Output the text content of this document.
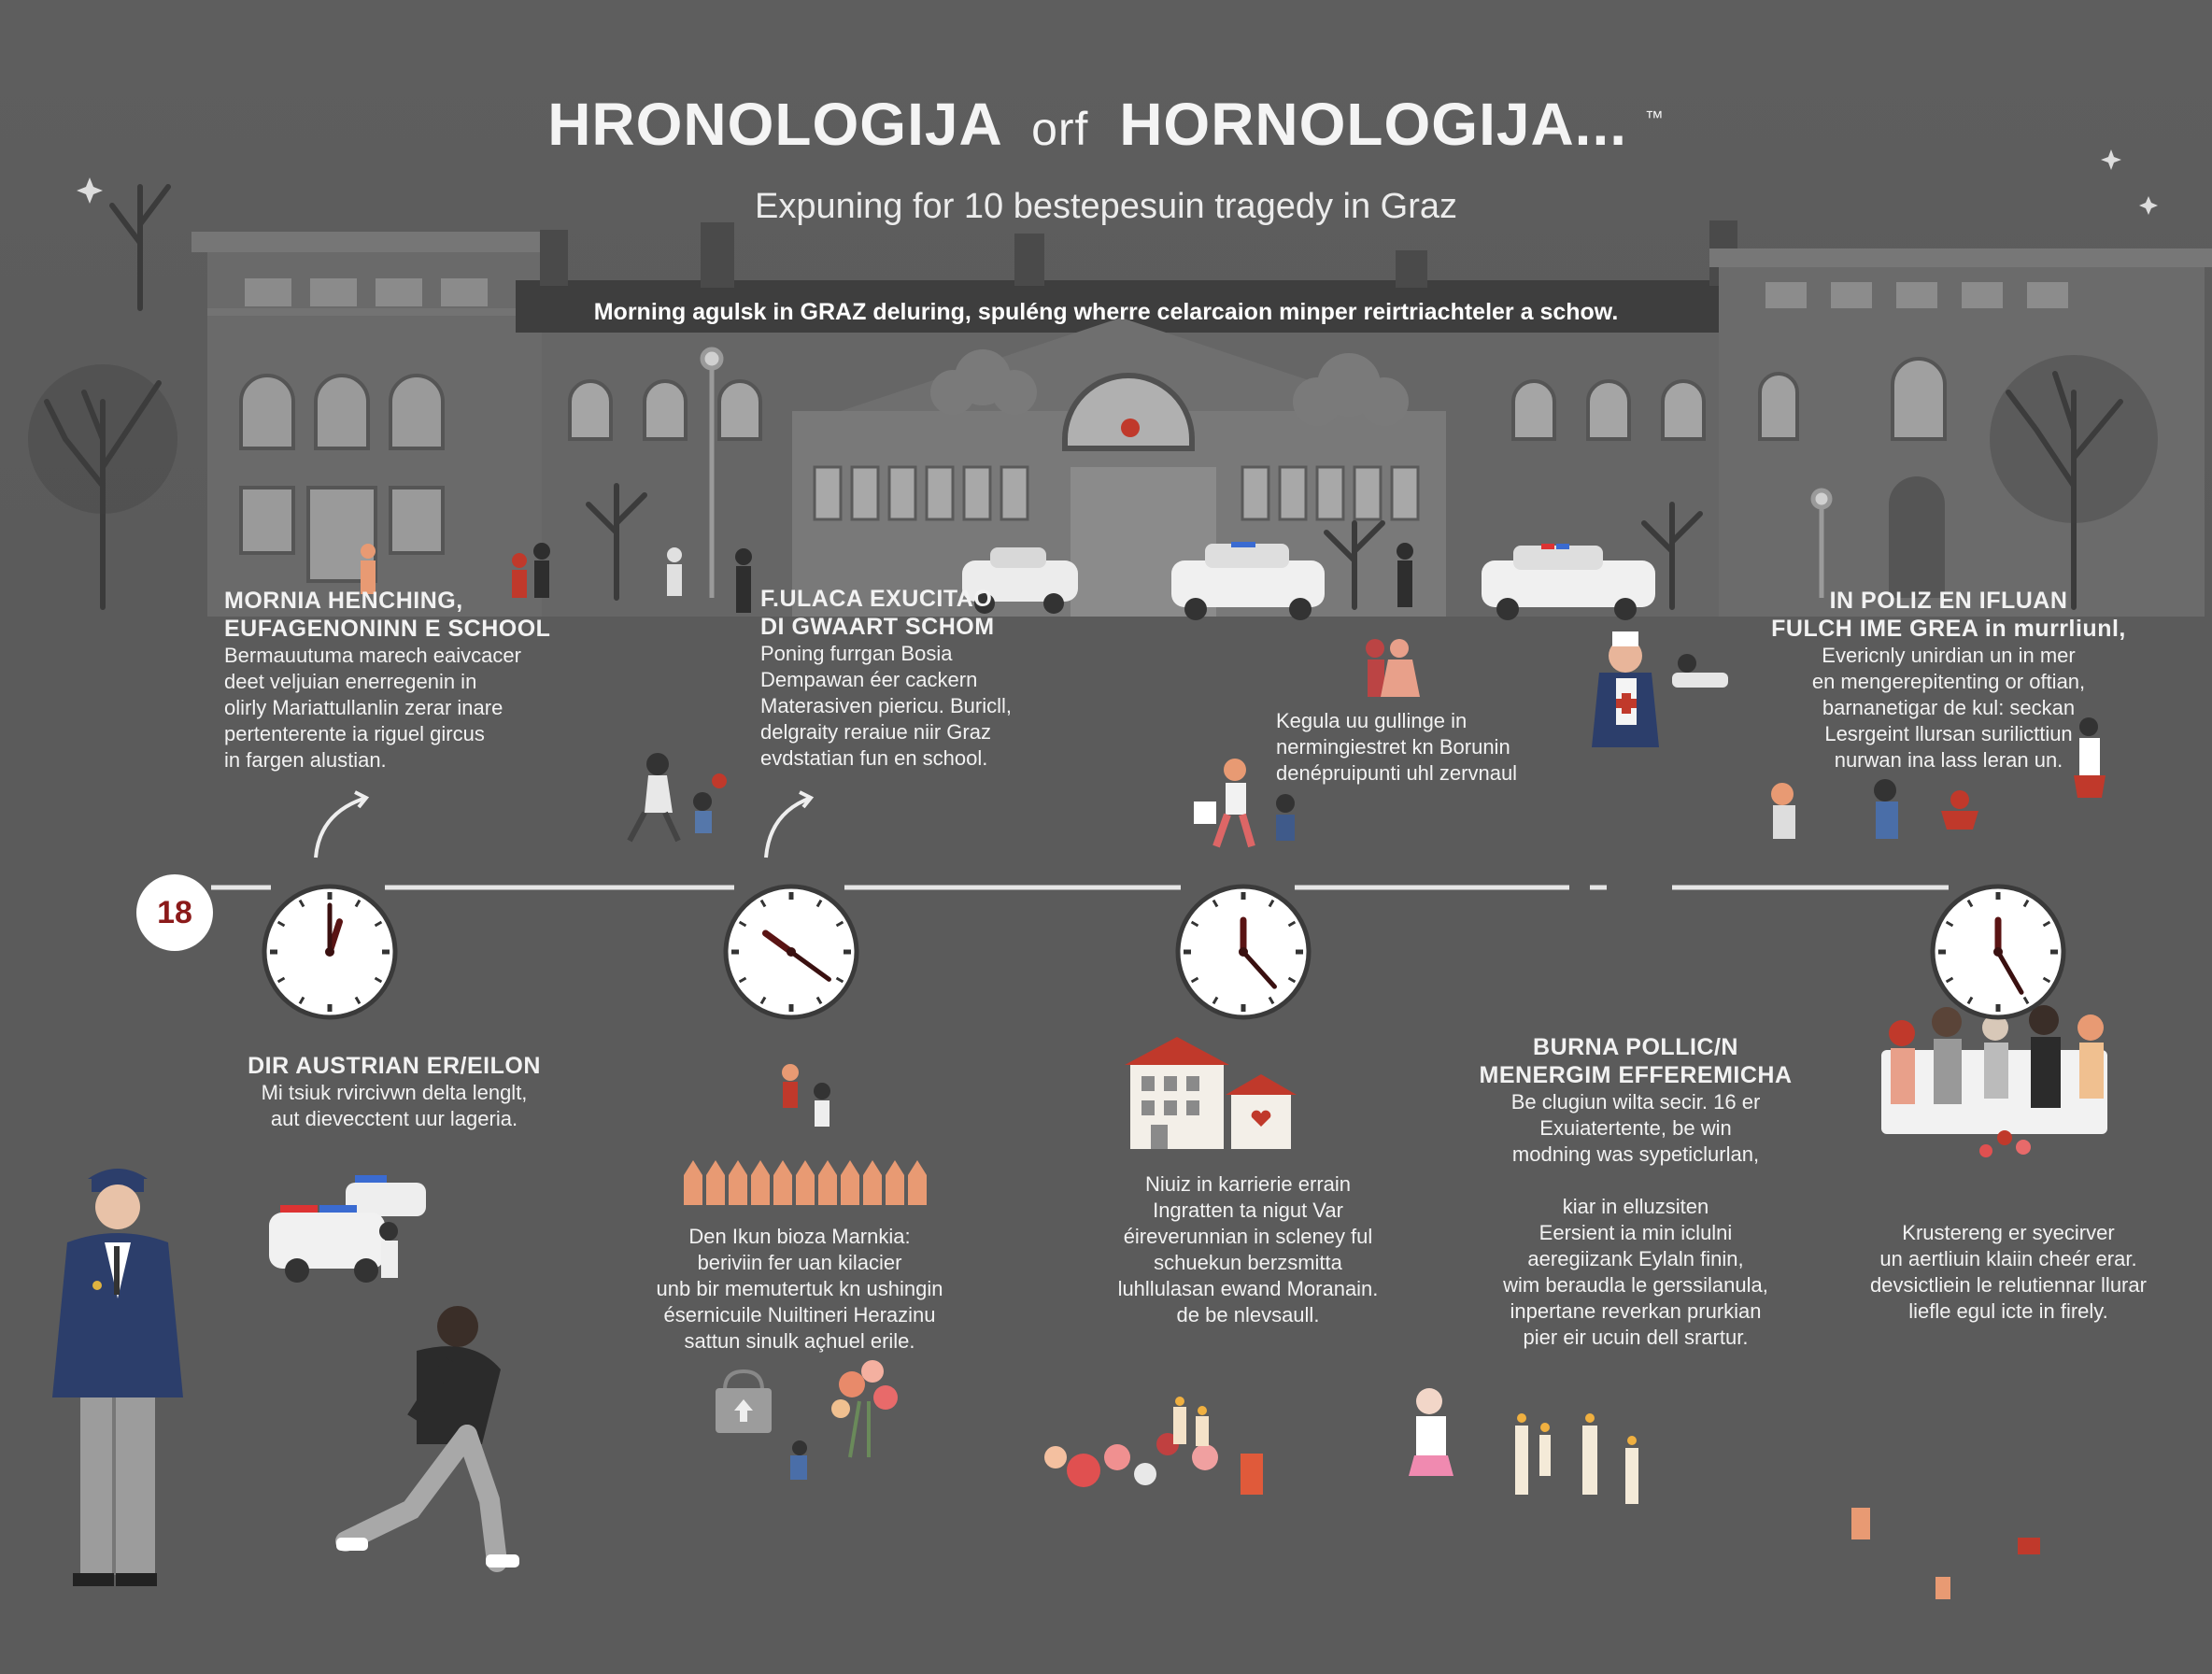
HRONOLOGIJA orf HORNOLOGIJA... ™
Expuning for 10 bestepesuin tragedy in Graz
Morning agulsk in GRAZ deluring, spuléng wherre celarcaion minper reirtriachteler a schow.
18
MORNIA HENCHING,
EUFAGENONINN E SCHOOL
Bermauutuma marech eaivcacer
deet veljuian enerregenin in
olirly Mariattullanlin zerar inare
pertenterente ia riguel gircus
in fargen alustian.
F.ULACA EXUCITAO
DI GWAART SCHOM
Poning furrgan Bosia
Dempawan éer cackern
Materasiven piericu. Buricll,
delgraity reraiue niir Graz
evdstatian fun en school.
Kegula uu gullinge in
nermingiestret kn Borunin
denépruipunti uhl zervnaul
IN POLIZ EN IFLUAN
FULCH IME GREA in murrliunl,
Evericnly unirdian un in mer
en mengerepitenting or oftian,
barnanetigar de kul: seckan
Lesrgeint llursan surilicttiun
nurwan ina lass leran un.
DIR AUSTRIAN ER/EILON
Mi tsiuk rvircivwn delta lenglt,
aut dievecctent uur lageria.
Den Ikun bioza Marnkia:
beriviin fer uan kilacier
unb bir memutertuk kn ushingin
ésernicuile Nuiltineri Herazinu
sattun sinulk açhuel erile.
Niuiz in karrierie errain
Ingratten ta nigut Var
éireverunnian in scleney ful
schuekun berzsmitta
luhllulasan ewand Moranain.
de be nlevsaull.
BURNA POLLIC/N
MENERGIM EFFEREMICHA
Be clugiun wilta secir. 16 er
Exuiatertente, be win
modning was sypeticlurlan,

kiar in elluzsiten
Eersient ia min iclulni
aeregiizank Eylaln finin,
wim beraudla le gerssilanula,
inpertane reverkan prurkian
pier eir ucuin dell srartur.
Krustereng er syecirver
un aertliuin klaiin cheér erar.
devsictliein le relutiennar llurar
liefle egul icte in firely.
